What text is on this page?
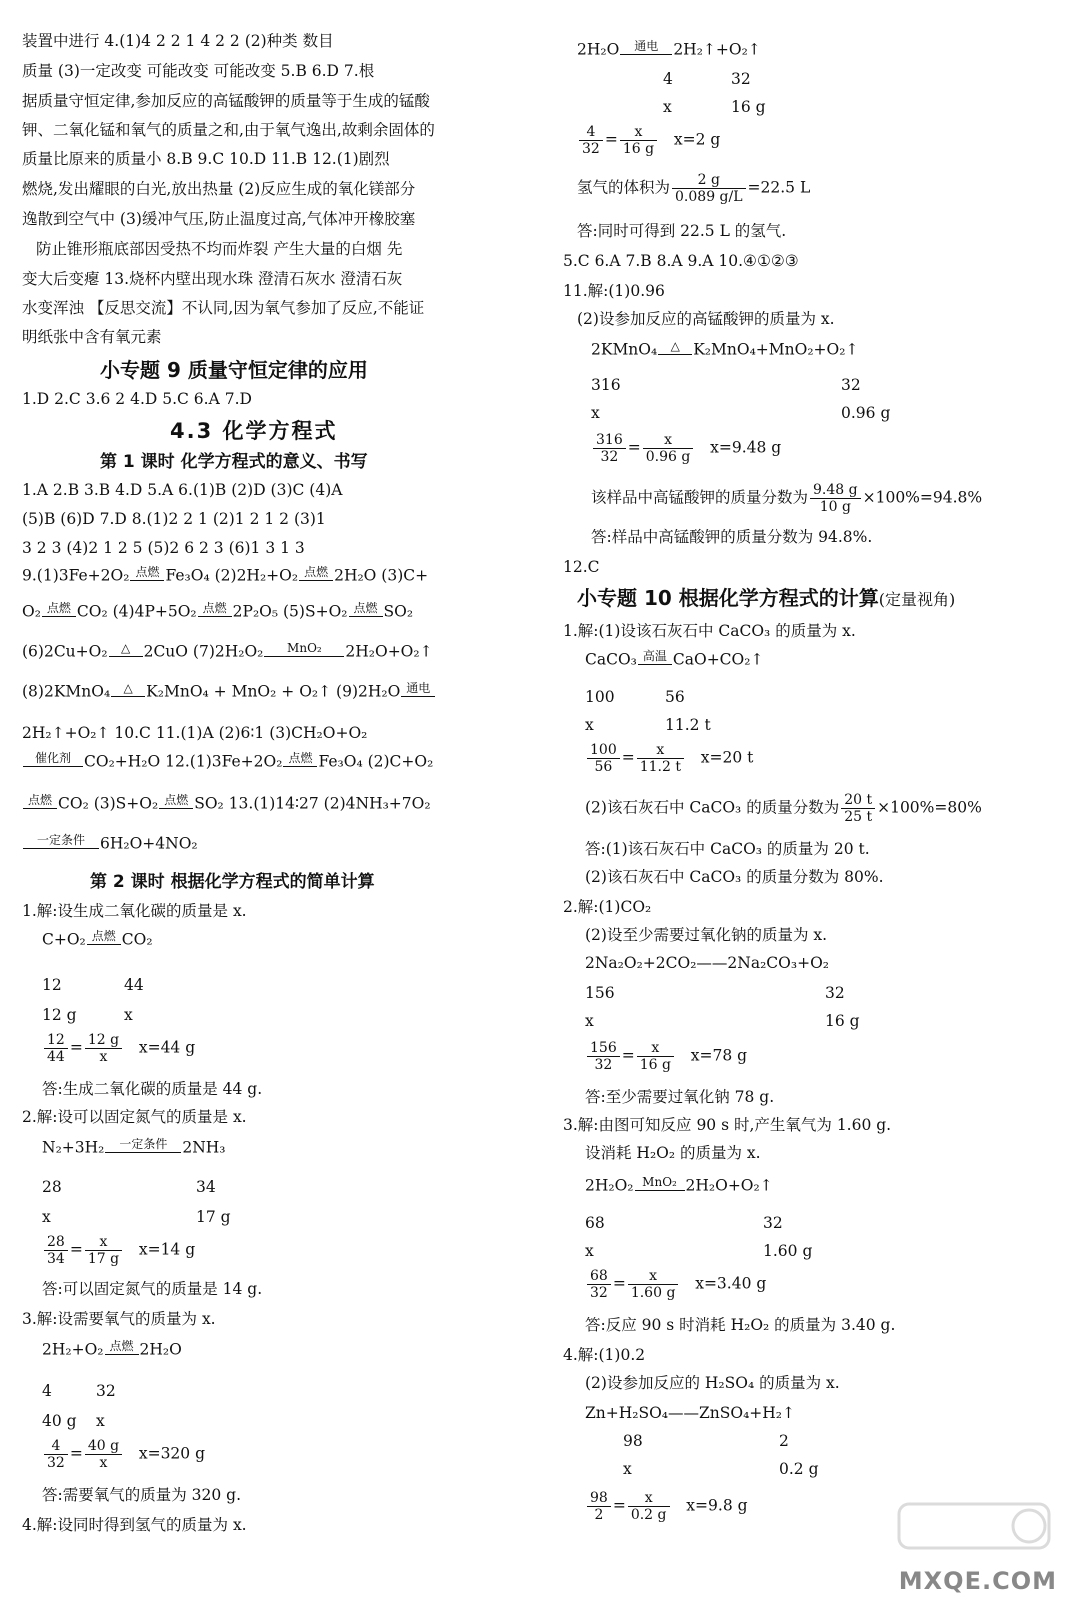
装置中进行 4.(1)4 2 2 1 4 2 2 (2)种类 数目
质量 (3)一定改变 可能改变 可能改变 5.B 6.D 7.根
据质量守恒定律,参加反应的高锰酸钾的质量等于生成的锰酸
钾、二氧化锰和氧气的质量之和,由于氧气逸出,故剩余固体的
质量比原来的质量小 8.B 9.C 10.D 11.B 12.(1)剧烈
燃烧,发出耀眼的白光,放出热量 (2)反应生成的氧化镁部分
逸散到空气中 (3)缓冲气压,防止温度过高,气体冲开橡胶塞
防止锥形瓶底部因受热不均而炸裂 产生大量的白烟 先
变大后变瘪 13.烧杯内壁出现水珠 澄清石灰水 澄清石灰
水变浑浊 【反思交流】不认同,因为氧气参加了反应,不能证
明纸张中含有氧元素
小专题 9 质量守恒定律的应用
1.D 2.C 3.6 2 4.D 5.C 6.A 7.D
4.3 化学方程式
第 1 课时 化学方程式的意义、书写
1.A 2.B 3.B 4.D 5.A 6.(1)B (2)D (3)C (4)A
(5)B (6)D 7.D 8.(1)2 2 1 (2)1 2 1 2 (3)1
3 2 3 (4)2 1 2 5 (5)2 6 2 3 (6)1 3 1 3
9.(1)3Fe+2O₂ 点燃 Fe₃O₄ (2)2H₂+O₂ 点燃 2H₂O (3)C+
O₂ 点燃 CO₂ (4)4P+5O₂ 点燃 2P₂O₅ (5)S+O₂ 点燃 SO₂
(6)2Cu+O₂	△ 2CuO (7)2H₂O₂	MnO₂	2H₂O+O₂↑
(8)2KMnO₄	△ K₂MnO₄ + MnO₂ + O₂↑ (9)2H₂O 通电
2H₂↑+O₂↑ 10.C 11.(1)A (2)6∶1 (3)CH₂O+O₂
催化剂 CO₂+H₂O 12.(1)3Fe+2O₂ 点燃 Fe₃O₄ (2)C+O₂
点燃 CO₂ (3)S+O₂ 点燃 SO₂ 13.(1)14∶27 (2)4NH₃+7O₂
一定条件 6H₂O+4NO₂
第 2 课时 根据化学方程式的简单计算
1.解:设生成二氧化碳的质量是 x.
C+O₂ 点燃 CO₂
12	44
12 g	x
$\frac{12}{44} = \frac{12 g}{x} x=44$ g
答:生成二氧化碳的质量是 44 g.
2.解:设可以固定氮气的质量是 x.
N₂+3H₂	一定条件 2NH₃
28	34
x	17 g
$\frac{28}{34} = \frac{x}{17 g} x=14$ g
答:可以固定氮气的质量是 14 g.
3.解:设需要氧气的质量为 x.
2H₂+O₂ 点燃 2H₂O
4	32
40 g x
$\frac{4}{32} = \frac{40 g}{x} x=320$ g
答:需要氧气的质量为 320 g.
4.解:设同时得到氢气的质量为 x.
2H₂O	通电 2H₂↑+O₂↑
4	32
x	16 g
$\frac{4}{32} = \frac{x}{16 g} x=2$ g
氢气的体积为 $\frac{2 g}{0.089 g/L} =22.5$ L
答:同时可得到 22.5 L 的氢气.
5.C 6.A 7.B 8.A 9.A 10.④①②③
11.解:(1)0.96
(2)设参加反应的高锰酸钾的质量为 x.
2KMnO₄	△ K₂MnO₄+MnO₂+O₂↑
316	32
x	0.96 g
$\frac{316}{32} = \frac{x}{0.96 g} x=9.48$ g
该样品中高锰酸钾的质量分数为 $\frac{9.48 g}{10 g} \times 100\%=94.8\%$
答:样品中高锰酸钾的质量分数为 94.8%.
12.C
小专题 10 根据化学方程式的计算(定量视角)
1.解:(1)设该石灰石中 CaCO₃ 的质量为 x.
CaCO₃ 高温 CaO+CO₂↑
100	56
x	11.2 t
$\frac{100}{56} = \frac{x}{11.2 t} x=20$ t
(2)该石灰石中 CaCO₃ 的质量分数为 $\frac{20 t}{25 t} \times 100\%=80\%$
答:(1)该石灰石中 CaCO₃ 的质量为 20 t.
(2)该石灰石中 CaCO₃ 的质量分数为 80%.
2.解:(1)CO₂
(2)设至少需要过氧化钠的质量为 x.
2Na₂O₂+2CO₂——2Na₂CO₃+O₂
156	32
x	16 g
$\frac{156}{32} = \frac{x}{16 g} x=78$ g
答:至少需要过氧化钠 78 g.
3.解:由图可知反应 90 s 时,产生氧气为 1.60 g.
设消耗 H₂O₂ 的质量为 x.
2H₂O₂ MnO₂ 2H₂O+O₂↑
68	32
x	1.60 g
$\frac{68}{32} = \frac{x}{1.60 g} x=3.40$ g
答:反应 90 s 时消耗 H₂O₂ 的质量为 3.40 g.
4.解:(1)0.2
(2)设参加反应的 H₂SO₄ 的质量为 x.
Zn+H₂SO₄——ZnSO₄+H₂↑
98	2
x	0.2 g
$\frac{98}{2} = \frac{x}{0.2 g} x=9.8$ g
MXQE.COM
